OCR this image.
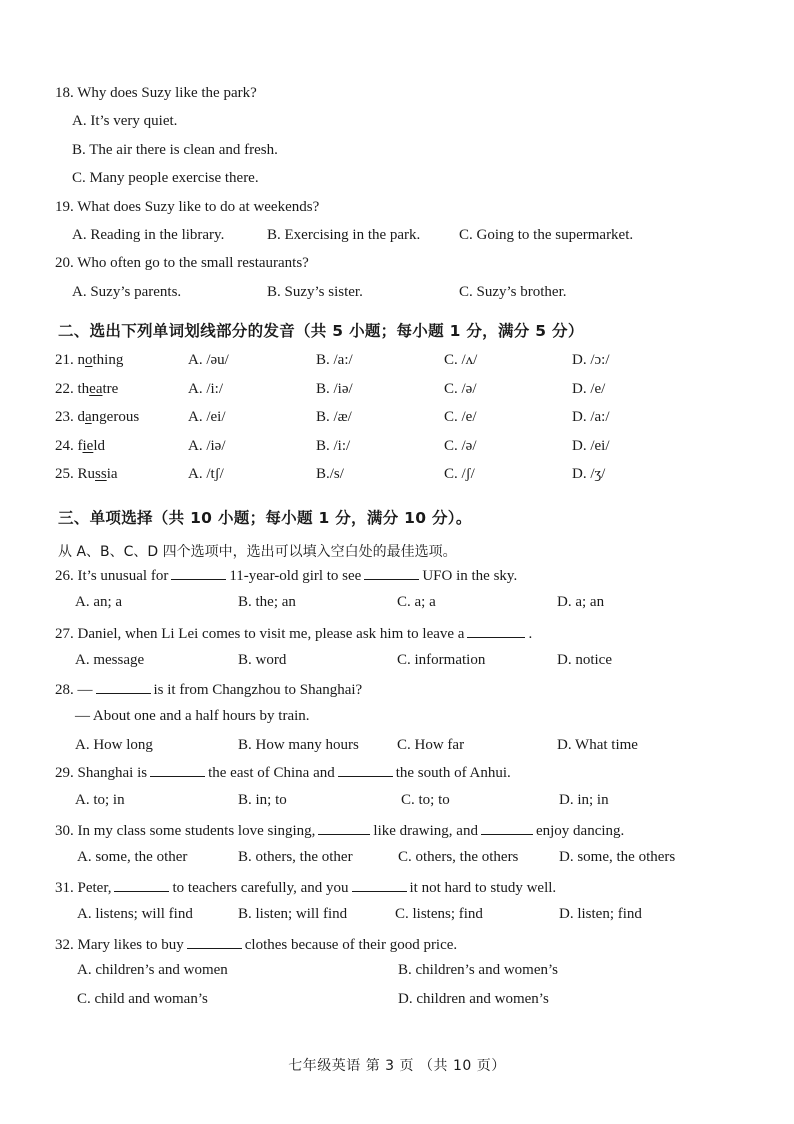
18. Why does Suzy like the park?
A. It’s very quiet.
B. The air there is clean and fresh.
C. Many people exercise there.
19. What does Suzy like to do at weekends?
A. Reading in the library.	B. Exercising in the park.	C. Going to the supermarket.
20. Who often go to the small restaurants?
A. Suzy’s parents.	B. Suzy’s sister.	C. Suzy’s brother.
二、选出下列单词划线部分的发音（共 5 小题；每小题 1 分，满分 5 分）
21. nothing	A. /əu/	B. /a:/	C. /ʌ/	D. /ɔ:/
22. theatre	A. /i:/	B. /iə/	C. /ə/	D. /e/
23. dangerous	A. /ei/	B. /æ/	C. /e/	D. /a:/
24. field	A. /iə/	B. /i:/	C. /ə/	D. /ei/
25. Russia	A. /tʃ/	B./s/	C. /ʃ/	D. /ʒ/
三、单项选择（共 10 小题；每小题 1 分，满分 10 分）。
从 A、B、C、D 四个选项中，选出可以填入空白处的最佳选项。
26. It’s unusual for	11-year-old girl to see	UFO in the sky.
A. an; a	B. the; an	C. a; a	D. a; an
27. Daniel, when Li Lei comes to visit me, please ask him to leave a	.
A. message	B. word	C. information	D. notice
28. —	is it from Changzhou to Shanghai?
— About one and a half hours by train.
A. How long	B. How many hours	C. How far	D. What time
29. Shanghai is	the east of China and	the south of Anhui.
A. to; in	B. in; to	C. to; to	D. in; in
30. In my class some students love singing,	like drawing, and	enjoy dancing.
A. some, the other	B. others, the other	C. others, the others	D. some, the others
31. Peter,	to teachers carefully, and you	it not hard to study well.
A. listens; will find	B. listen; will find	C. listens; find	D. listen; find
32. Mary likes to buy	clothes because of their good price.
A. children’s and women	B. children’s and women’s
C. child and woman’s	D. children and women’s
七年级英语 第 3 页 （共 10 页）
